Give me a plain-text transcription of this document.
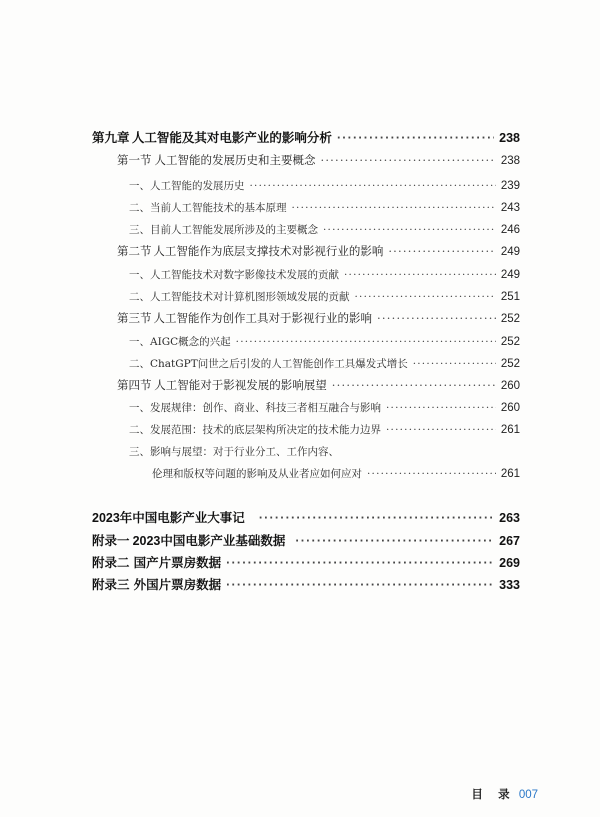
第九章 人工智能及其对电影产业的影响分析 ·····	238
第一节 人工智能的发展历史和主要概念 ·····	238
一、人工智能的发展历史 ·····	239
二、当前人工智能技术的基本原理 ·····	243
三、目前人工智能发展所涉及的主要概念 ·····	246
第二节 人工智能作为底层支撑技术对影视行业的影响 ·····	249
一、人工智能技术对数字影像技术发展的贡献 ·····	249
二、人工智能技术对计算机图形领域发展的贡献 ·····	251
第三节 人工智能作为创作工具对于影视行业的影响 ·····	252
一、AIGC概念的兴起 ·····	252
二、ChatGPT问世之后引发的人工智能创作工具爆发式增长 ·····	252
第四节 人工智能对于影视发展的影响展望 ·····	260
一、发展规律：创作、商业、科技三者相互融合与影响 ·····	260
二、发展范围：技术的底层架构所决定的技术能力边界 ·····	261
三、影响与展望：对于行业分工、工作内容、
伦理和版权等问题的影响及从业者应如何应对 ·····	261
2023年中国电影产业大事记 ·····	263
附录一 2023中国电影产业基础数据 ·····	267
附录二 国产片票房数据 ·····	269
附录三 外国片票房数据 ·····	333
目 录 007
